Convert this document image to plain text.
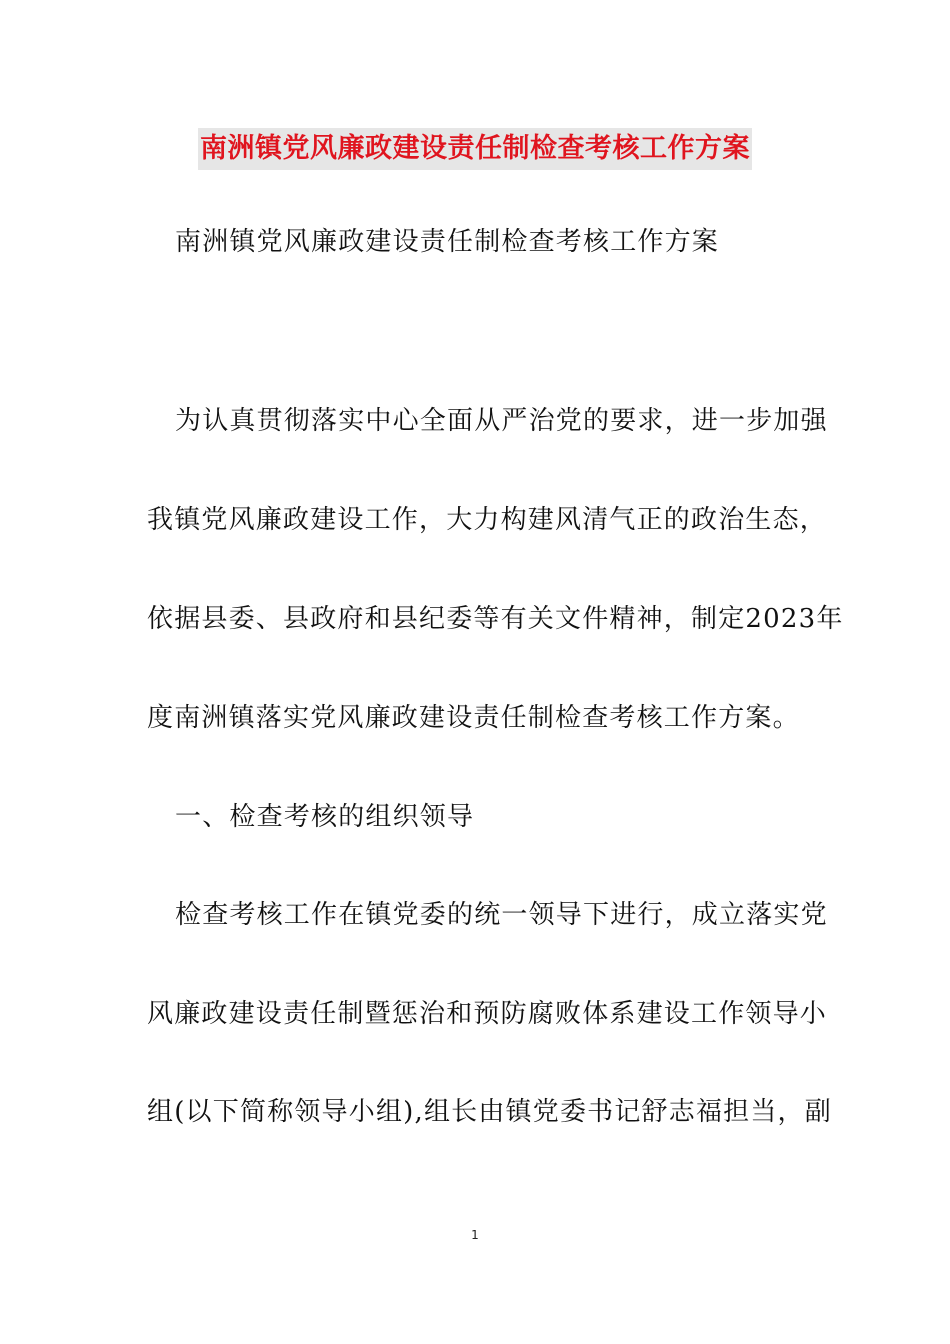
南洲镇党风廉政建设责任制检查考核工作方案
南洲镇党风廉政建设责任制检查考核工作方案
为认真贯彻落实中心全面从严治党的要求，进一步加强
我镇党风廉政建设工作，大力构建风清气正的政治生态，
依据县委、县政府和县纪委等有关文件精神，制定2023年
度南洲镇落实党风廉政建设责任制检查考核工作方案。
一、检查考核的组织领导
检查考核工作在镇党委的统一领导下进行，成立落实党
风廉政建设责任制暨惩治和预防腐败体系建设工作领导小
组(以下简称领导小组),组长由镇党委书记舒志福担当，副
1
